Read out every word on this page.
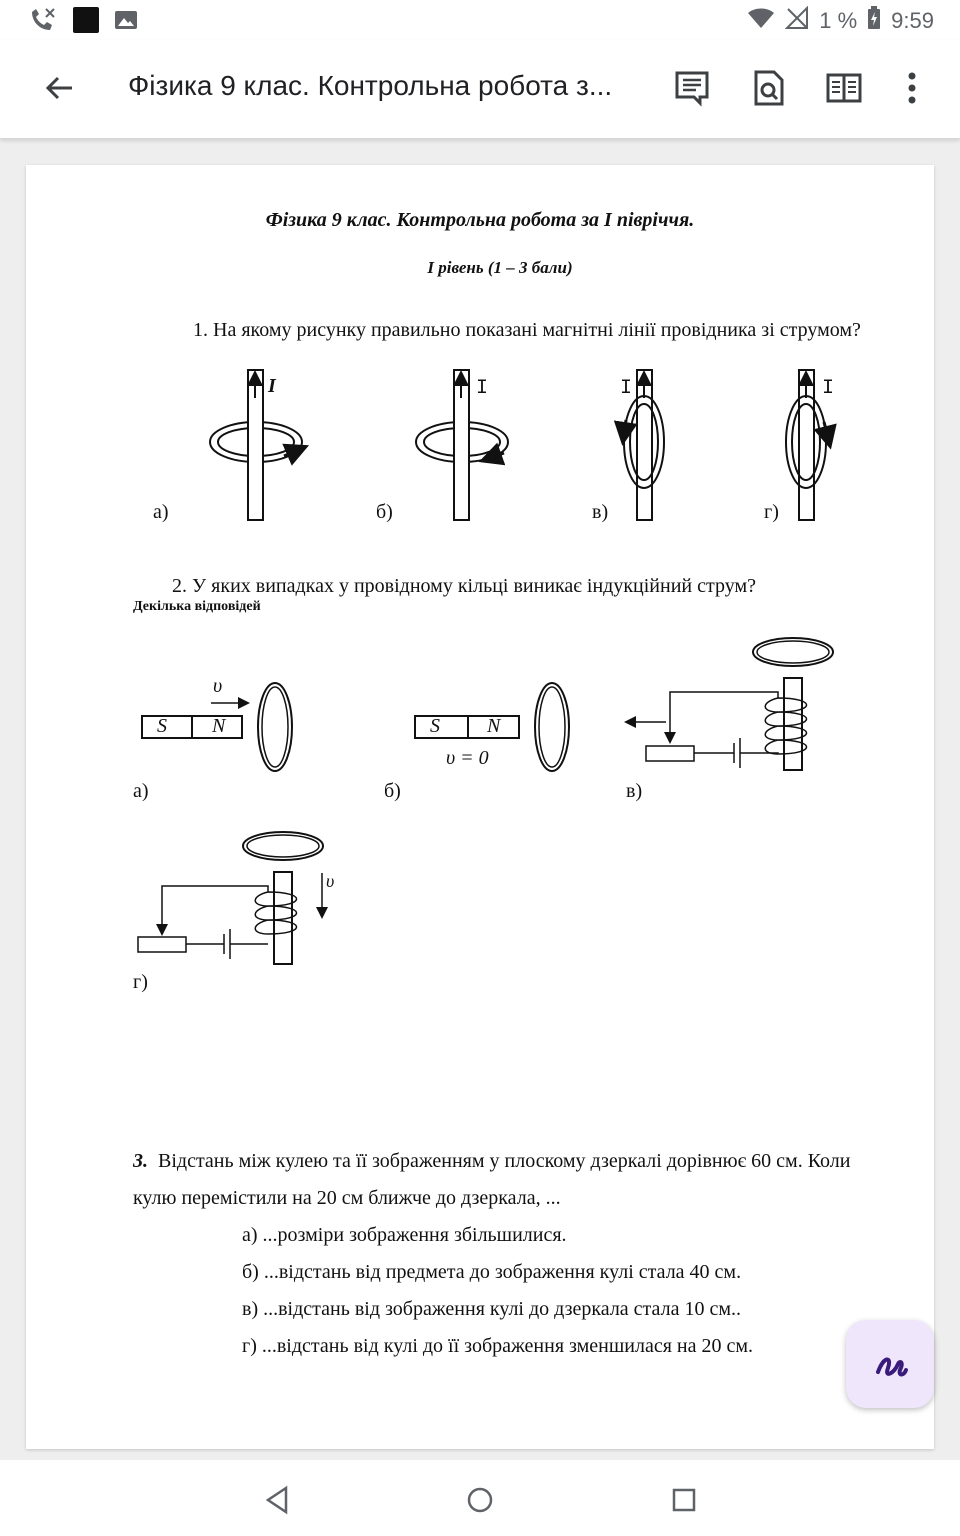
1 % 9:59
Фізика 9 клас. Контрольна робота з...
Фізика 9 клас. Контрольна робота за І півріччя.
І рівень (1 – 3 бали)
1. На якому рисунку правильно показані магнітні лінії провідника зі струмом?
I	I	I	I
а)	б)	в)	г)
2. У яких випадках у провідному кільці виникає індукційний струм?
Декілька відповідей
S N
υ
S N
υ = 0
υ
а)	б)	в)
г)
3. Відстань між кулею та її зображенням у плоскому дзеркалі дорівнює 60 см. Коли кулю перемістили на 20 см ближче до дзеркала, ...
а) ...розміри зображення збільшилися.
б) ...відстань від предмета до зображення кулі стала 40 см.
в) ...відстань від зображення кулі до дзеркала стала 10 см..
г) ...відстань від кулі до її зображення зменшилася на 20 см.
